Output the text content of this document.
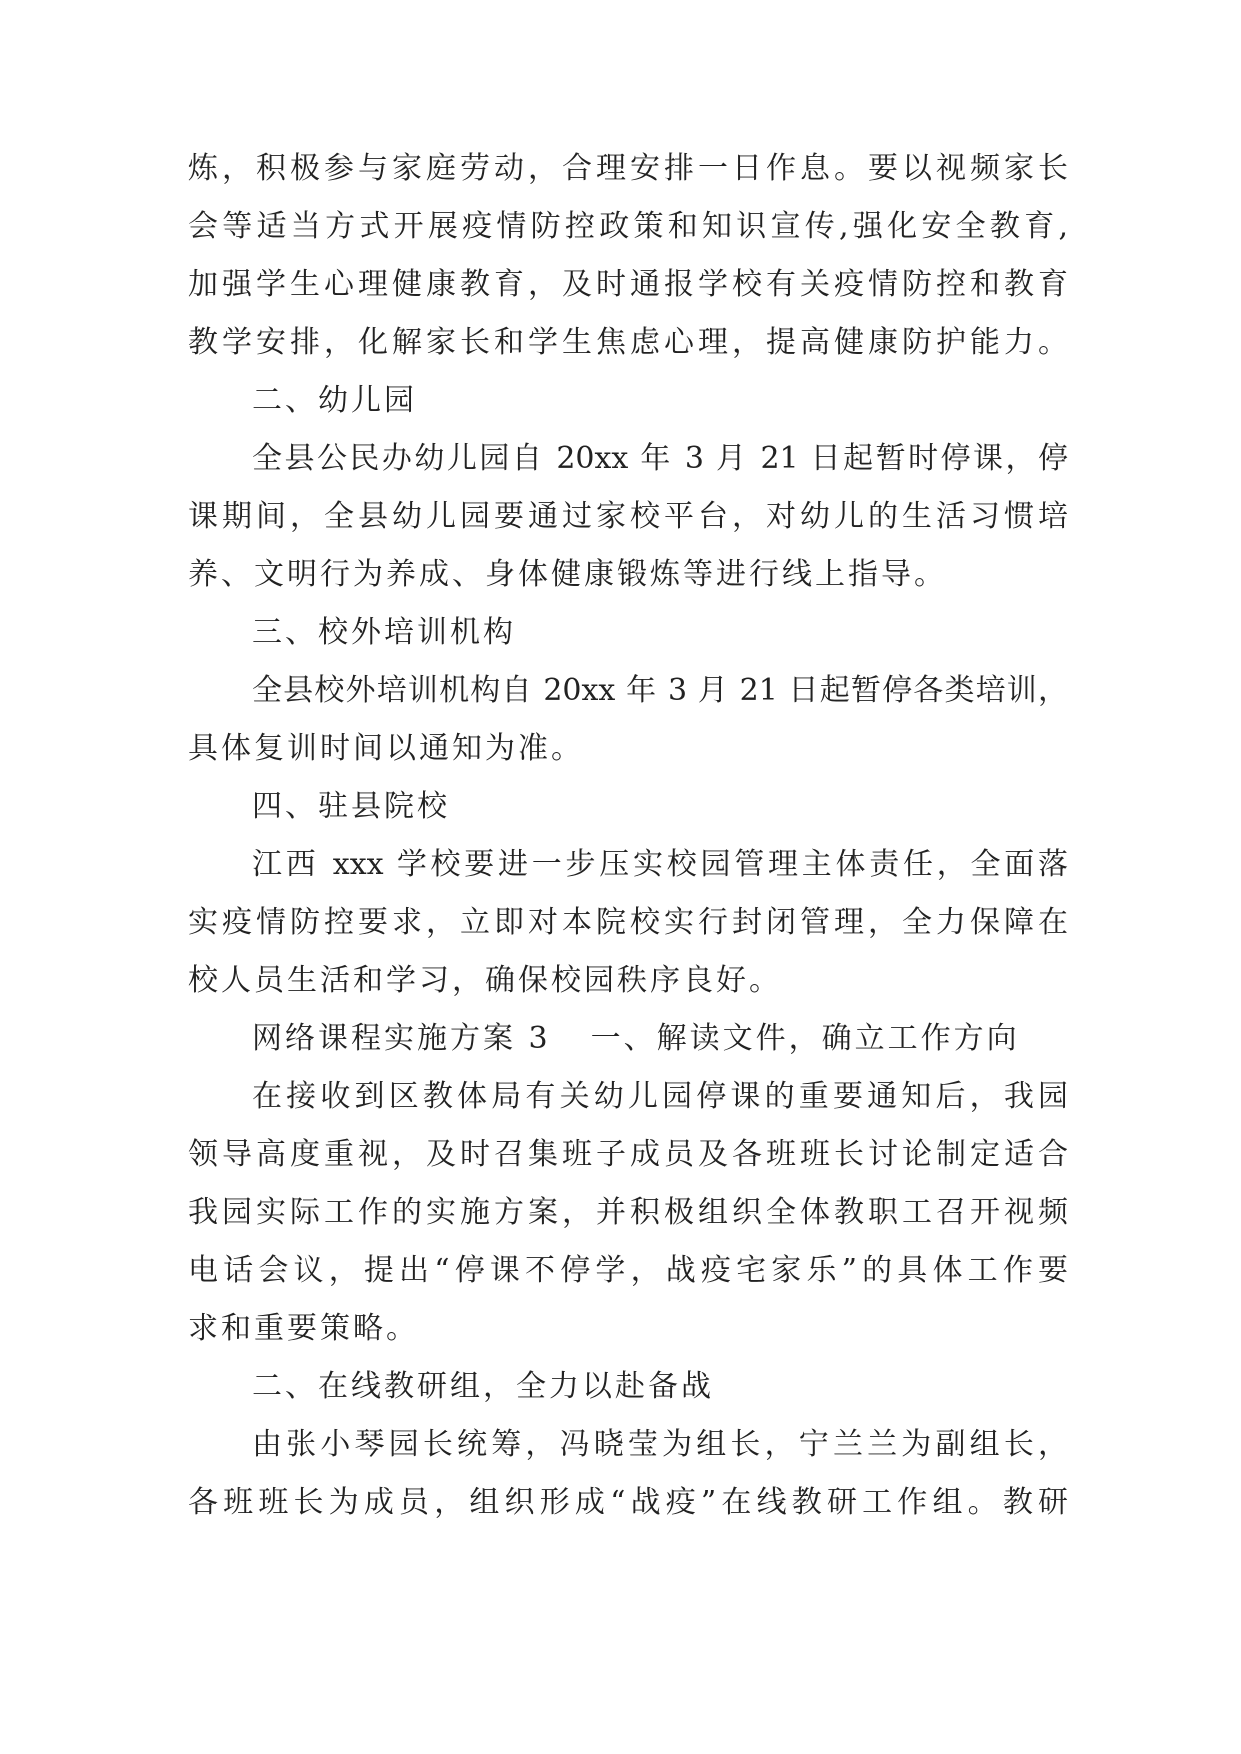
炼，积极参与家庭劳动，合理安排一日作息。要以视频家长
会等适当方式开展疫情防控政策和知识宣传,强化安全教育,
加强学生心理健康教育，及时通报学校有关疫情防控和教育
教学安排，化解家长和学生焦虑心理，提高健康防护能力。
二、幼儿园
全县公民办幼儿园自 20xx 年 3 月 21 日起暂时停课，停
课期间，全县幼儿园要通过家校平台，对幼儿的生活习惯培
养、文明行为养成、身体健康锻炼等进行线上指导。
三、校外培训机构
全县校外培训机构自 20xx 年 3 月 21 日起暂停各类培训，
具体复训时间以通知为准。
四、驻县院校
江西 xxx 学校要进一步压实校园管理主体责任，全面落
实疫情防控要求，立即对本院校实行封闭管理，全力保障在
校人员生活和学习，确保校园秩序良好。
网络课程实施方案 3 一、解读文件，确立工作方向
在接收到区教体局有关幼儿园停课的重要通知后，我园
领导高度重视，及时召集班子成员及各班班长讨论制定适合
我园实际工作的实施方案，并积极组织全体教职工召开视频
电话会议，提出“停课不停学，战疫宅家乐”的具体工作要
求和重要策略。
二、在线教研组，全力以赴备战
由张小琴园长统筹，冯晓莹为组长，宁兰兰为副组长，
各班班长为成员，组织形成“战疫”在线教研工作组。教研
